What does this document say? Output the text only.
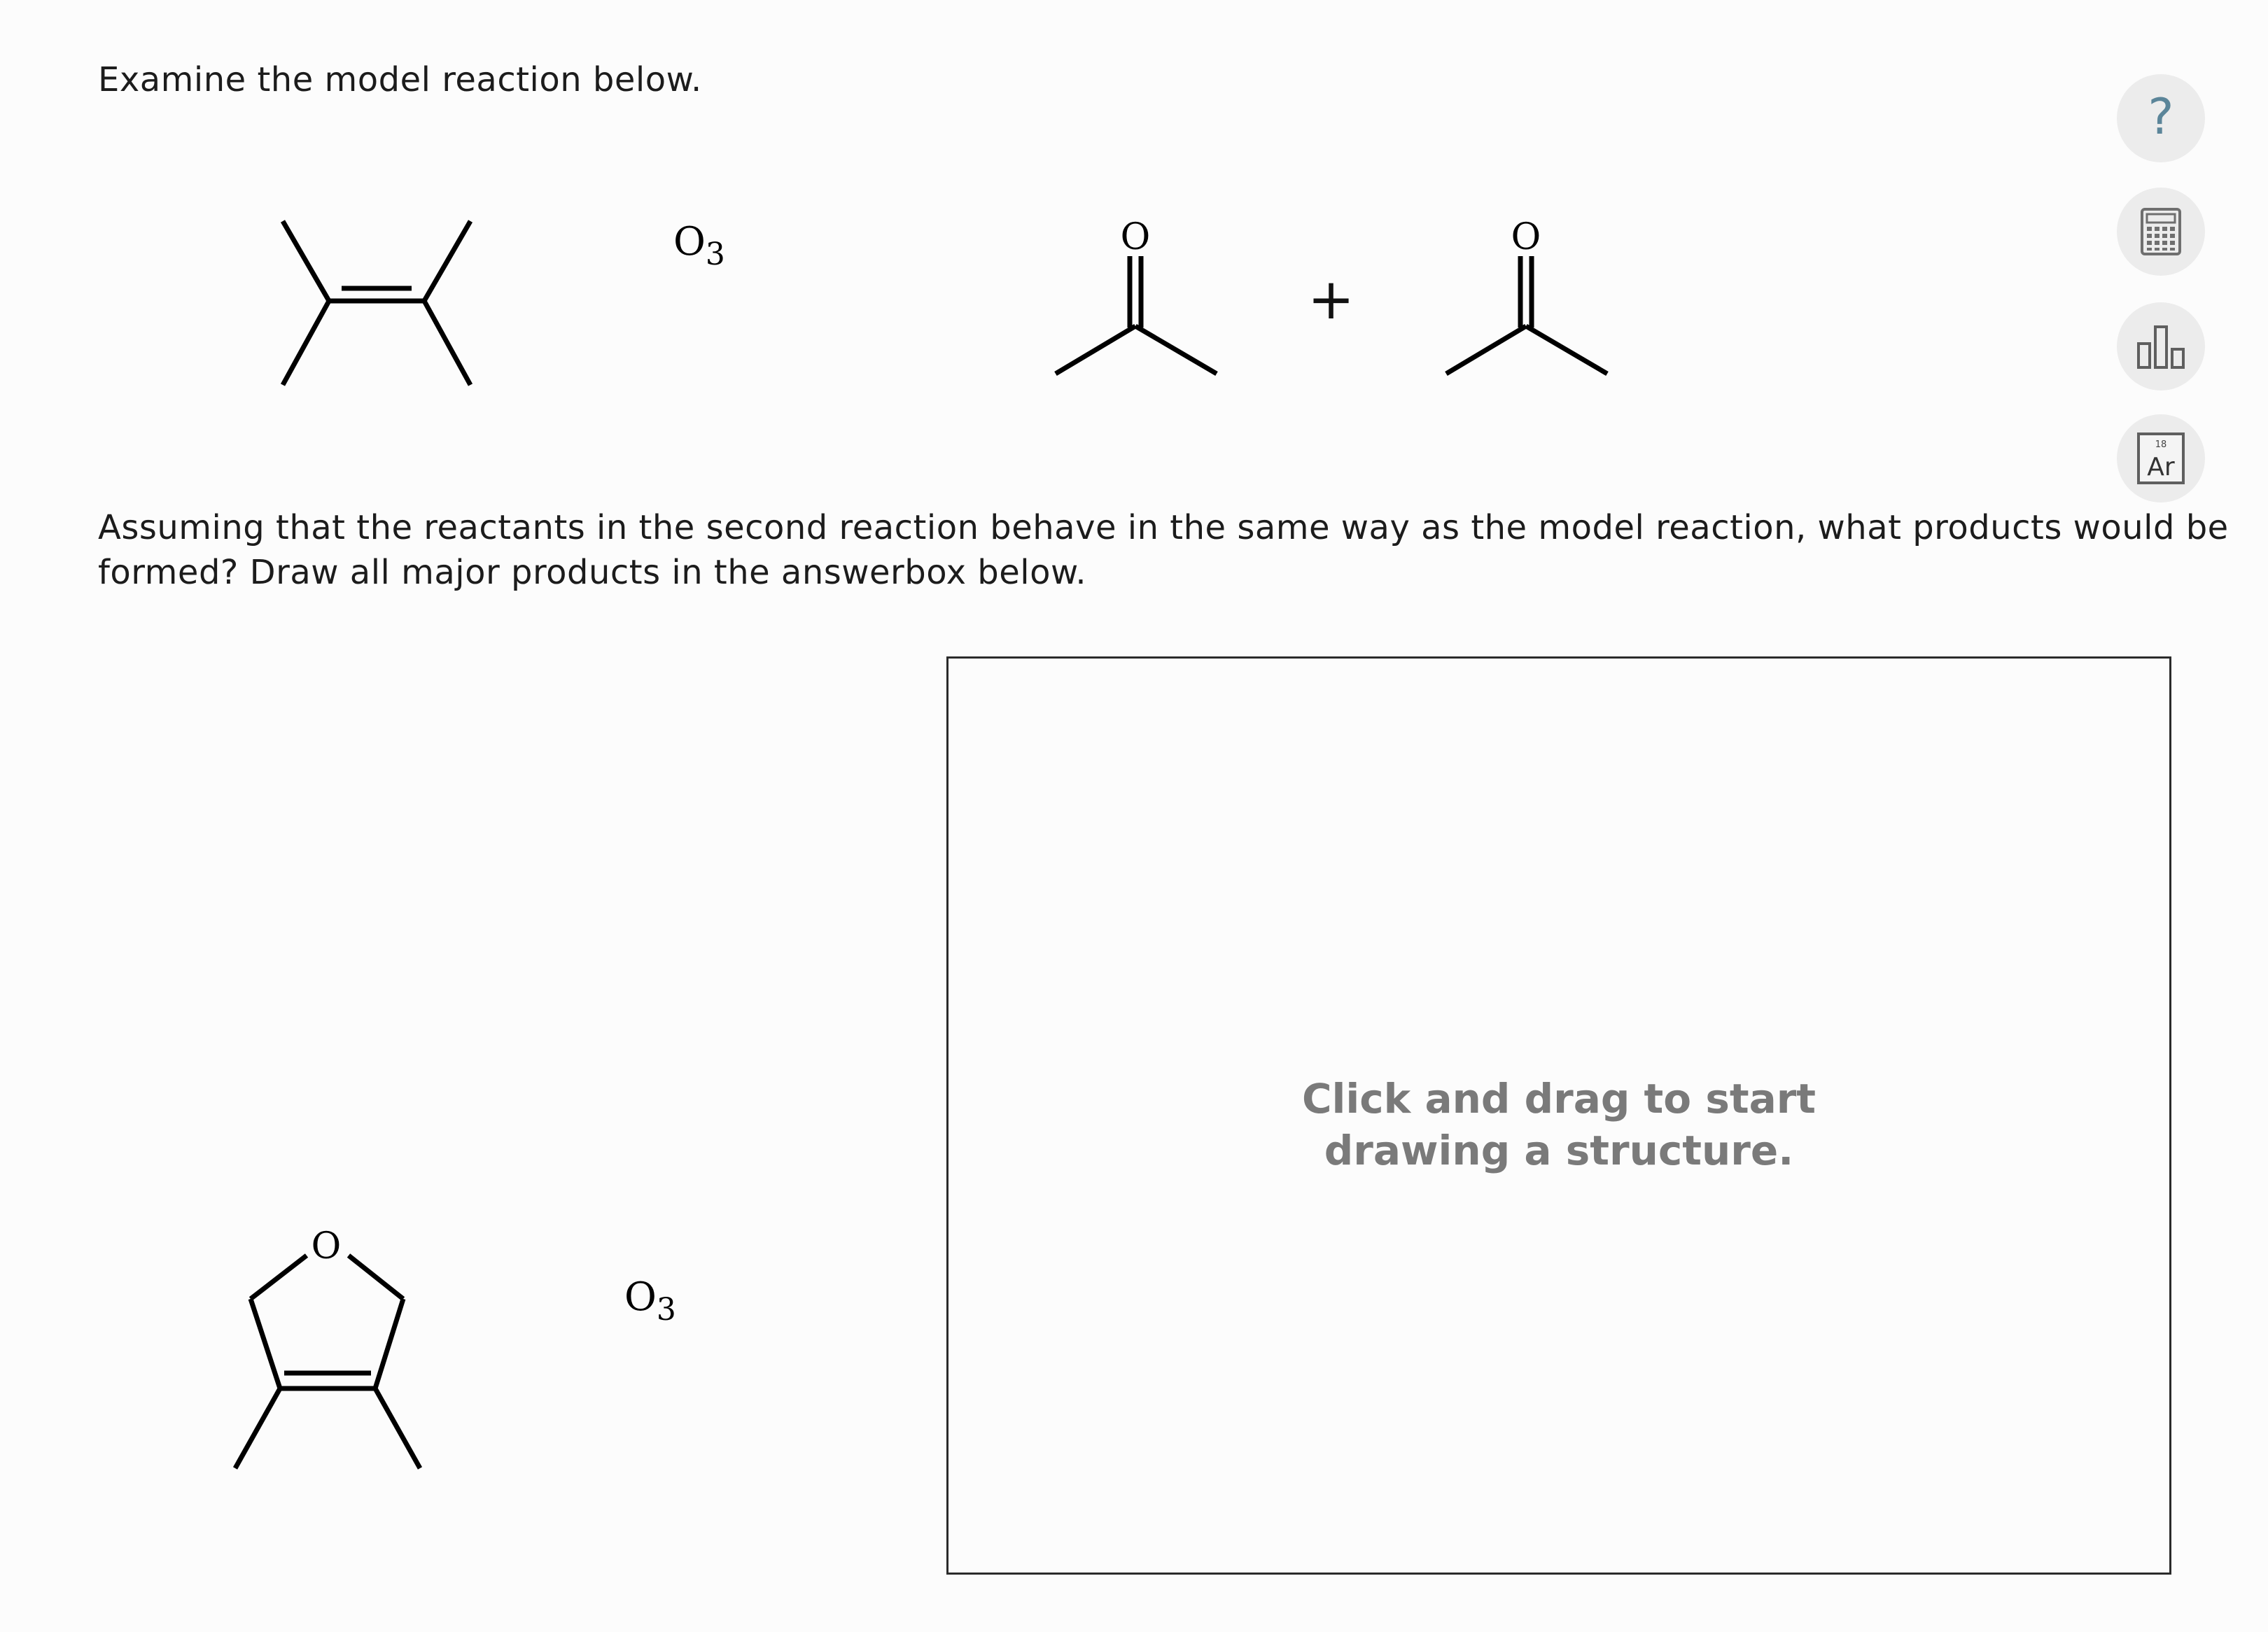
Examine the model reaction below.
$O_3$	O
+
O
Assuming that the reactants in the second reaction behave in the same way as the model reaction, what products would be formed? Draw all major products in the answerbox below.
O
$O_3$
Click and drag to start
drawing a structure.
?
18
Ar
